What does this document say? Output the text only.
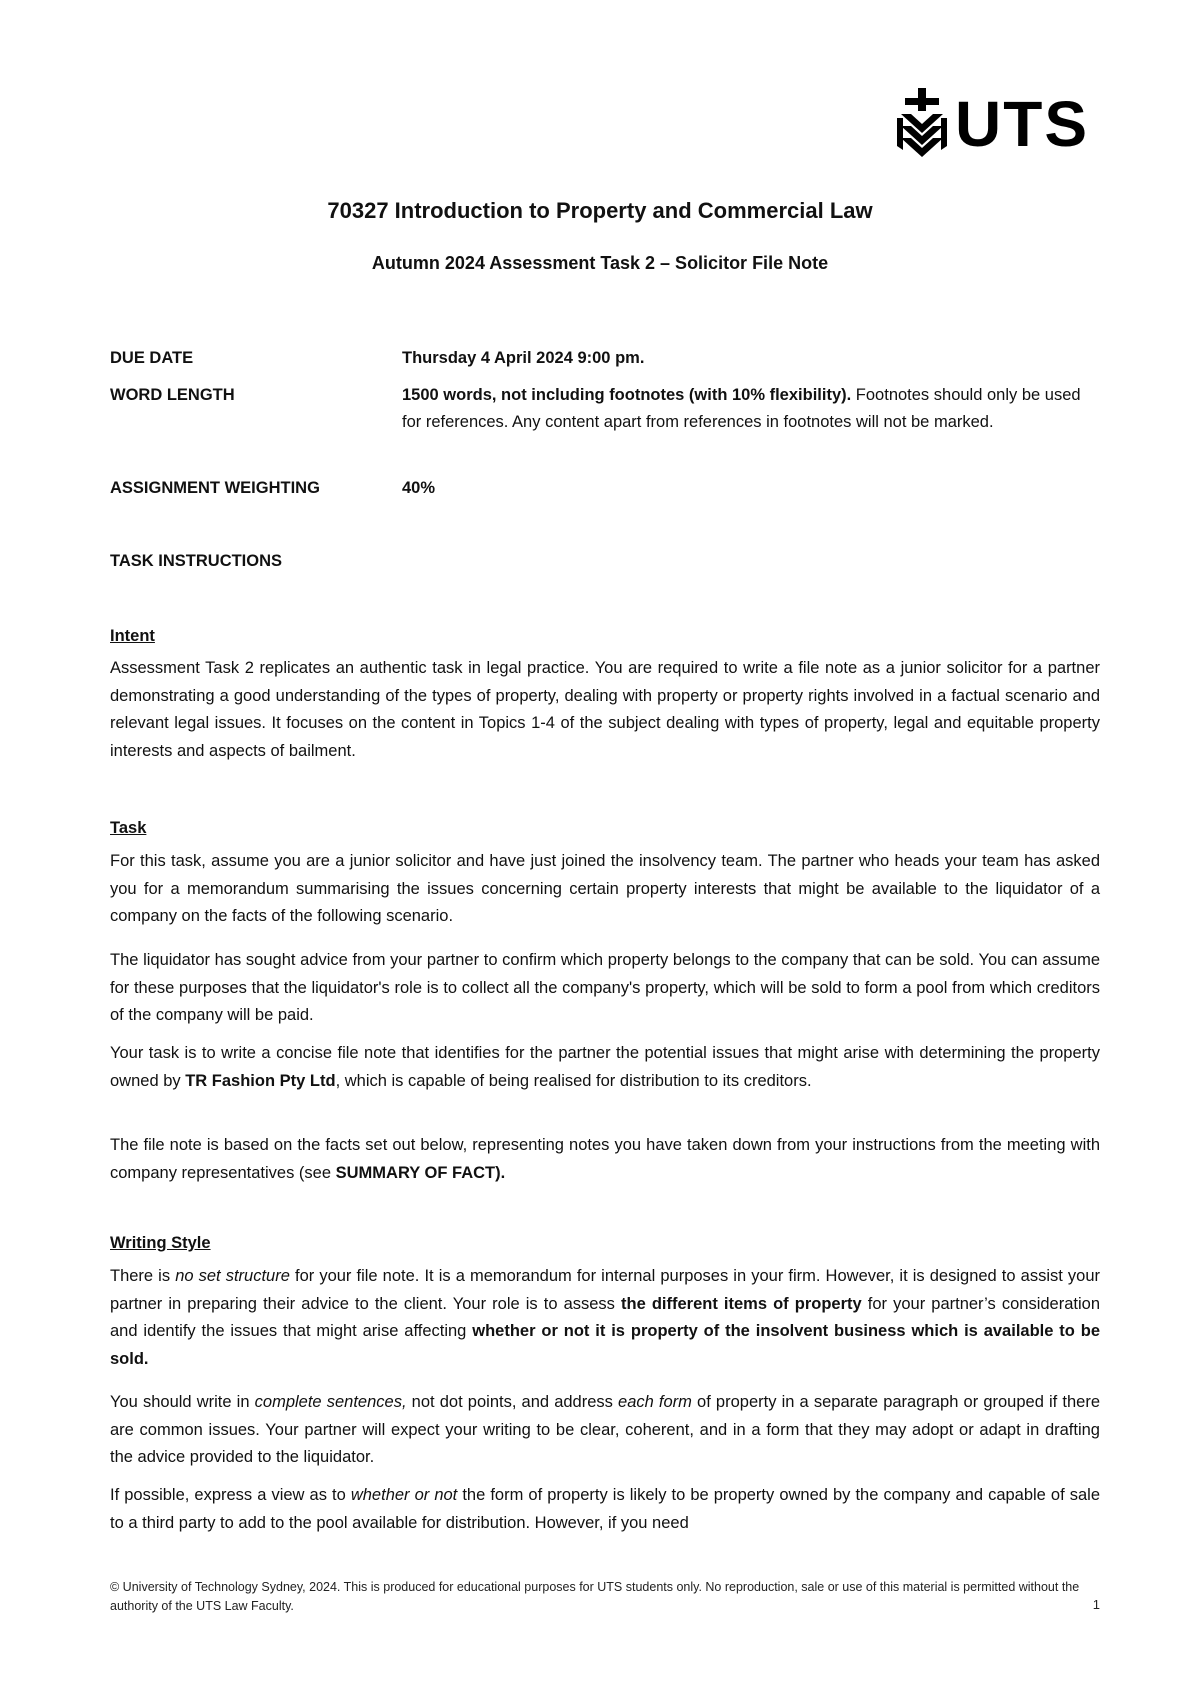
UTS
70327 Introduction to Property and Commercial Law
Autumn 2024 Assessment Task 2 – Solicitor File Note
DUE DATE	Thursday 4 April 2024 9:00 pm.
WORD LENGTH	1500 words, not including footnotes (with 10% flexibility). Footnotes should only be used for references. Any content apart from references in footnotes will not be marked.
ASSIGNMENT WEIGHTING	40%
TASK INSTRUCTIONS
Intent

Assessment Task 2 replicates an authentic task in legal practice. You are required to write a file note as a junior solicitor for a partner demonstrating a good understanding of the types of property, dealing with property or property rights involved in a factual scenario and relevant legal issues. It focuses on the content in Topics 1-4 of the subject dealing with types of property, legal and equitable property interests and aspects of bailment.

Task

For this task, assume you are a junior solicitor and have just joined the insolvency team. The partner who heads your team has asked you for a memorandum summarising the issues concerning certain property interests that might be available to the liquidator of a company on the facts of the following scenario.

The liquidator has sought advice from your partner to confirm which property belongs to the company that can be sold. You can assume for these purposes that the liquidator's role is to collect all the company's property, which will be sold to form a pool from which creditors of the company will be paid.

Your task is to write a concise file note that identifies for the partner the potential issues that might arise with determining the property owned by TR Fashion Pty Ltd, which is capable of being realised for distribution to its creditors.

The file note is based on the facts set out below, representing notes you have taken down from your instructions from the meeting with company representatives (see SUMMARY OF FACT).

Writing Style

There is no set structure for your file note. It is a memorandum for internal purposes in your firm. However, it is designed to assist your partner in preparing their advice to the client. Your role is to assess the different items of property for your partner’s consideration and identify the issues that might arise affecting whether or not it is property of the insolvent business which is available to be sold.

You should write in complete sentences, not dot points, and address each form of property in a separate paragraph or grouped if there are common issues. Your partner will expect your writing to be clear, coherent, and in a form that they may adopt or adapt in drafting the advice provided to the liquidator.

If possible, express a view as to whether or not the form of property is likely to be property owned by the company and capable of sale to a third party to add to the pool available for distribution. However, if you need

© University of Technology Sydney, 2024. This is produced for educational purposes for UTS students only. No reproduction, sale or use of this material is permitted without the authority of the UTS Law Faculty.	1
